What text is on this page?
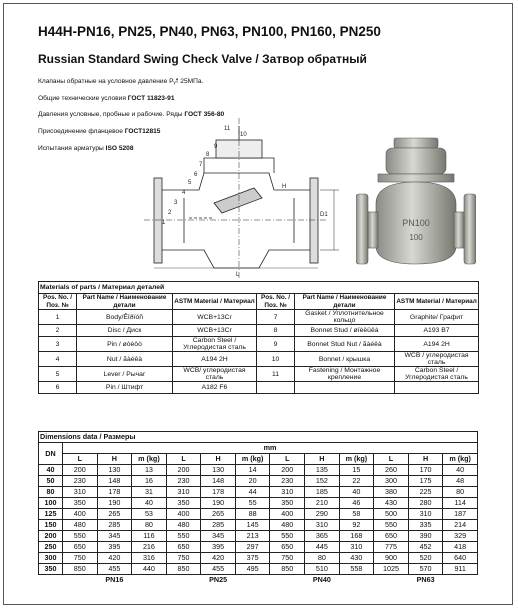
H44H-PN16, PN25, PN40, PN63, PN100, PN160, PN250
Russian Standard Swing Check Valve / Затвор обратный
Клапаны обратные на условное давление Pᵧ🠕 25МПа.
Общие технические условия ГОСТ 11823-91
Давления условные, пробные и рабочие. Ряды ГОСТ 356-80
Присоединение фланцевое ГОСТ12815
Испытания арматуры ISO 5208
10
11
9
8
7
6
5
4
3
2
1
D1
L
H
PN100
100
Materials of parts / Материал деталей					
Pos. No. / Поз. №	Part Name / Наименование детали	ASTM Material / Материал	Pos. No. / Поз. №	Part Name / Наименование детали	ASTM Material / Материал
1	Body/Êîðïóñ	WCB+13Cr	7	Gasket / Уплотнительное кольцо	Graphite/ Графит
2	Disc / Диск	WCB+13Cr	8	Bonnet Stud / øïèëüêà	A193 B7
3	Pin / øòèôò	Carbon Steel / Углеродистая сталь	9	Bonnet Stud Nut / ãàéêà	A194 2H
4	Nut / ãàéêà	A194 2H	10	Bonnet / крышка	WCB / углеродистая сталь
5	Lever / Рычаг	WCB/ углеродистая сталь	11	Fastening / Монтажное крепление	Carbon Steel / Углеродистая сталь
6	Pin / Штифт	A182 F6			
Dimensions data / Размеры												
DN	mm											
	L	H	m (kg)	L	H	m (kg)	L	H	m (kg)	L	H	m (kg)
40	200	130	13	200	130	14	200	135	15	260	170	40
50	230	148	16	230	148	20	230	152	22	300	175	48
80	310	178	31	310	178	44	310	185	40	380	225	80
100	350	190	40	350	190	55	350	210	46	430	280	114
125	400	265	53	400	265	88	400	290	58	500	310	187
150	480	285	80	480	285	145	480	310	92	550	335	214
200	550	345	116	550	345	213	550	365	168	650	390	329
250	650	395	216	650	395	297	650	445	310	775	452	418
300	750	420	316	750	420	375	750	80	430	900	520	640
350	850	455	440	850	455	495	850	510	558	1025	570	911
	PN16			PN25			PN40			PN63		
